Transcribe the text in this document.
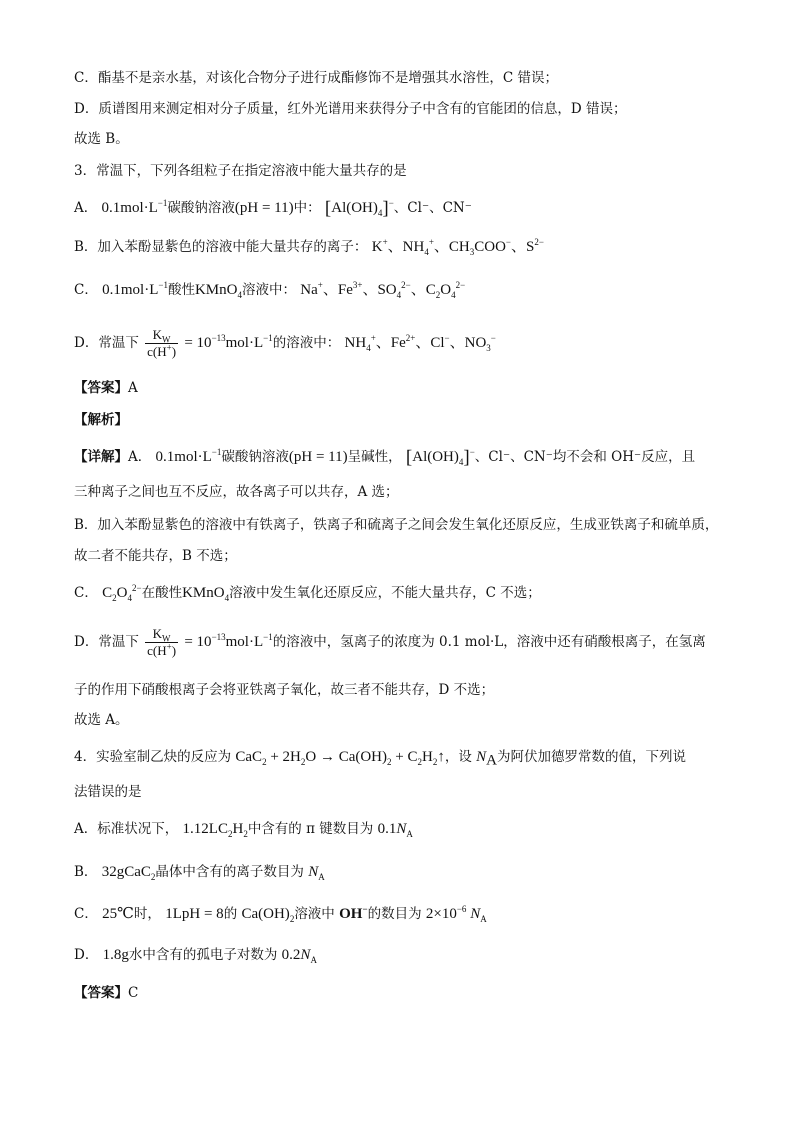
C．酯基不是亲水基，对该化合物分子进行成酯修饰不是增强其水溶性，C 错误；
D．质谱图用来测定相对分子质量，红外光谱用来获得分子中含有的官能团的信息，D 错误；
故选 B。
3．常温下，下列各组粒子在指定溶液中能大量共存的是
A． $0.1mol\cdot L^{-1}$碳酸钠溶液(pH = 11)中： $[Al(OH)_4]^-$、Cl⁻、CN⁻
B．加入苯酚显紫色的溶液中能大量共存的离子： K+、$NH_4^+$、$CH_3COO^-$、$S^{2-}$
C． $0.1mol\cdot L^{-1}$酸性KMnO$_4$溶液中： Na+、$Fe^{3+}$、$SO_4^{2-}$、$C_2O_4^{2-}$
D．常温下 $\frac{K_W}{c(H^+)} = 10^{-13}mol\cdot L^{-1}$的溶液中： $NH_4^+$、$Fe^{2+}$、Cl−、$NO_3^-$
【答案】A
【解析】
【详解】A． $0.1mol\cdot L^{-1}$碳酸钠溶液(pH = 11)呈碱性， $[Al(OH)_4]^-$、Cl⁻、CN⁻均不会和 OH⁻反应，且
三种离子之间也互不反应，故各离子可以共存，A 选；
B．加入苯酚显紫色的溶液中有铁离子，铁离子和硫离子之间会发生氧化还原反应，生成亚铁离子和硫单质，
故二者不能共存，B 不选；
C． $C_2O_4^{2-}$在酸性KMnO$_4$溶液中发生氧化还原反应，不能大量共存，C 不选；
D．常温下 $\frac{K_W}{c(H^+)} = 10^{-13}mol\cdot L^{-1}$的溶液中，氢离子的浓度为 0.1 mol·L，溶液中还有硝酸根离子，在氢离
子的作用下硝酸根离子会将亚铁离子氧化，故三者不能共存，D 不选；
故选 A。
4．实验室制乙炔的反应为 $CaC_2 + 2H_2O \to Ca(OH)_2$ + $C_2H_2↑$，设 $N_A$为阿伏加德罗常数的值，下列说
法错误的是
A．标准状况下， $1.12LC_2H_2$中含有的 π 键数目为 $0.1N_A$
B． 32gCaC$_2$晶体中含有的离子数目为 $N_A$
C． 25℃时， 1LpH = 8的 $Ca(OH)_2$溶液中 OH−的数目为 $2\times 10^{-6}$ $N_A$
D． 1.8g水中含有的孤电子对数为 $0.2N_A$
【答案】C
